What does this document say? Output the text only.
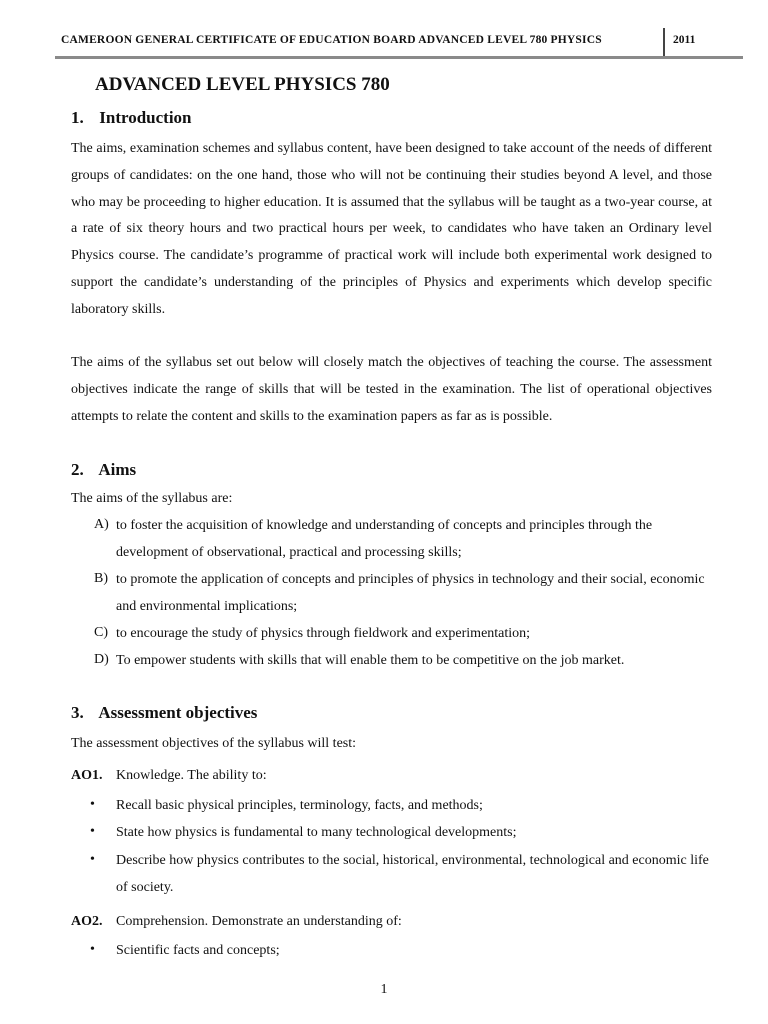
CAMEROON GENERAL CERTIFICATE OF EDUCATION BOARD ADVANCED LEVEL 780 PHYSICS	2011
ADVANCED LEVEL PHYSICS 780
1. Introduction

The aims, examination schemes and syllabus content, have been designed to take account of the needs of different groups of candidates: on the one hand, those who will not be continuing their studies beyond A level, and those who may be proceeding to higher education. It is assumed that the syllabus will be taught as a two-year course, at a rate of six theory hours and two practical hours per week, to candidates who have taken an Ordinary level Physics course. The candidate’s programme of practical work will include both experimental work designed to support the candidate’s understanding of the principles of Physics and experiments which develop specific laboratory skills.

The aims of the syllabus set out below will closely match the objectives of teaching the course. The assessment objectives indicate the range of skills that will be tested in the examination. The list of operational objectives attempts to relate the content and skills to the examination papers as far as is possible.

2. Aims
The aims of the syllabus are:
A) to foster the acquisition of knowledge and understanding of concepts and principles through the development of observational, practical and processing skills;
B) to promote the application of concepts and principles of physics in technology and their social, economic and environmental implications;
C) to encourage the study of physics through fieldwork and experimentation;
D) To empower students with skills that will enable them to be competitive on the job market.
3. Assessment objectives
The assessment objectives of the syllabus will test:
AO1. Knowledge. The ability to:
• Recall basic physical principles, terminology, facts, and methods;
• State how physics is fundamental to many technological developments;
• Describe how physics contributes to the social, historical, environmental, technological and economic life of society.
AO2. Comprehension. Demonstrate an understanding of:
• Scientific facts and concepts;
1
